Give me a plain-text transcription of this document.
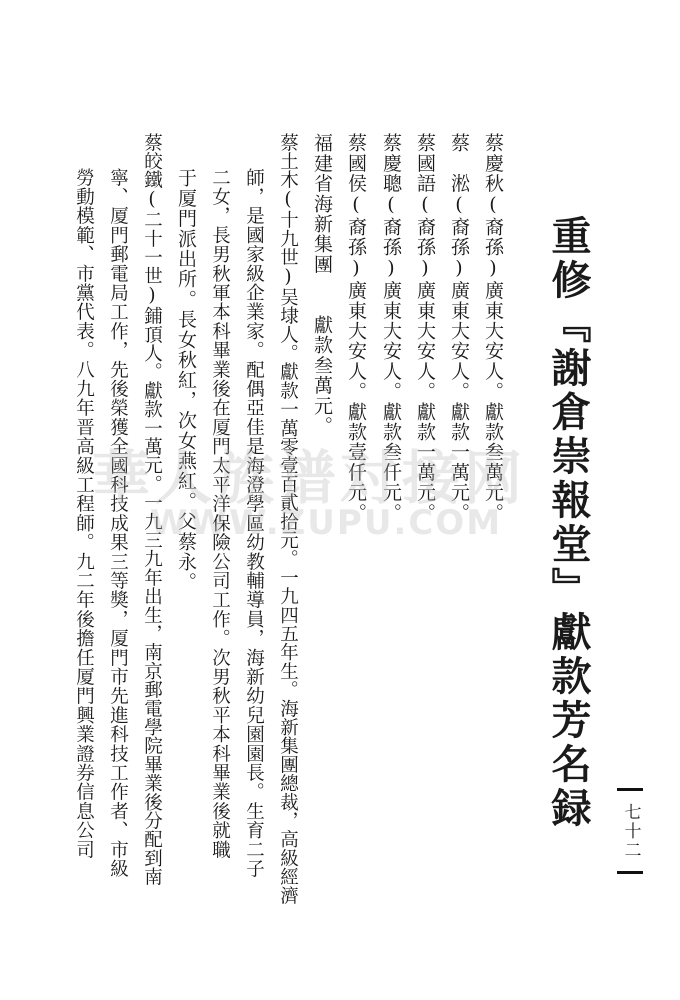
重修『謝倉崇報堂』獻款芳名録
蔡慶秋(裔孫)廣東大安人。獻款叁萬元。
蔡　淞(裔孫)廣東大安人。獻款一萬元。
蔡國語(裔孫)廣東大安人。獻款一萬元。
蔡慶聰(裔孫)廣東大安人。獻款叁仟元。
蔡國侯(裔孫)廣東大安人。獻款壹仟元。
福建省海新集團　　獻款叁萬元。
蔡土木(十九世)吴埭人。獻款一萬零壹百貳拾元。一九四五年生。海新集團總裁，高級經濟
師，是國家級企業家。配偶亞佳是海澄學區幼教輔導員，海新幼兒園園長。生育二子
二女，長男秋軍本科畢業後在厦門太平洋保險公司工作。次男秋平本科畢業後就職
于厦門派出所。長女秋紅，次女燕紅。父蔡永。
蔡皎鐵(二十一世)鋪頂人。獻款一萬元。一九三九年出生，南京郵電學院畢業後分配到南
寧、厦門郵電局工作，先後榮獲全國科技成果三等獎，厦門市先進科技工作者、市級
勞動模範、市黨代表。八九年晋高級工程師。九二年後擔任厦門興業證券信息公司	七十二
華人族谱对接网
WWW.ZUPU.COM
